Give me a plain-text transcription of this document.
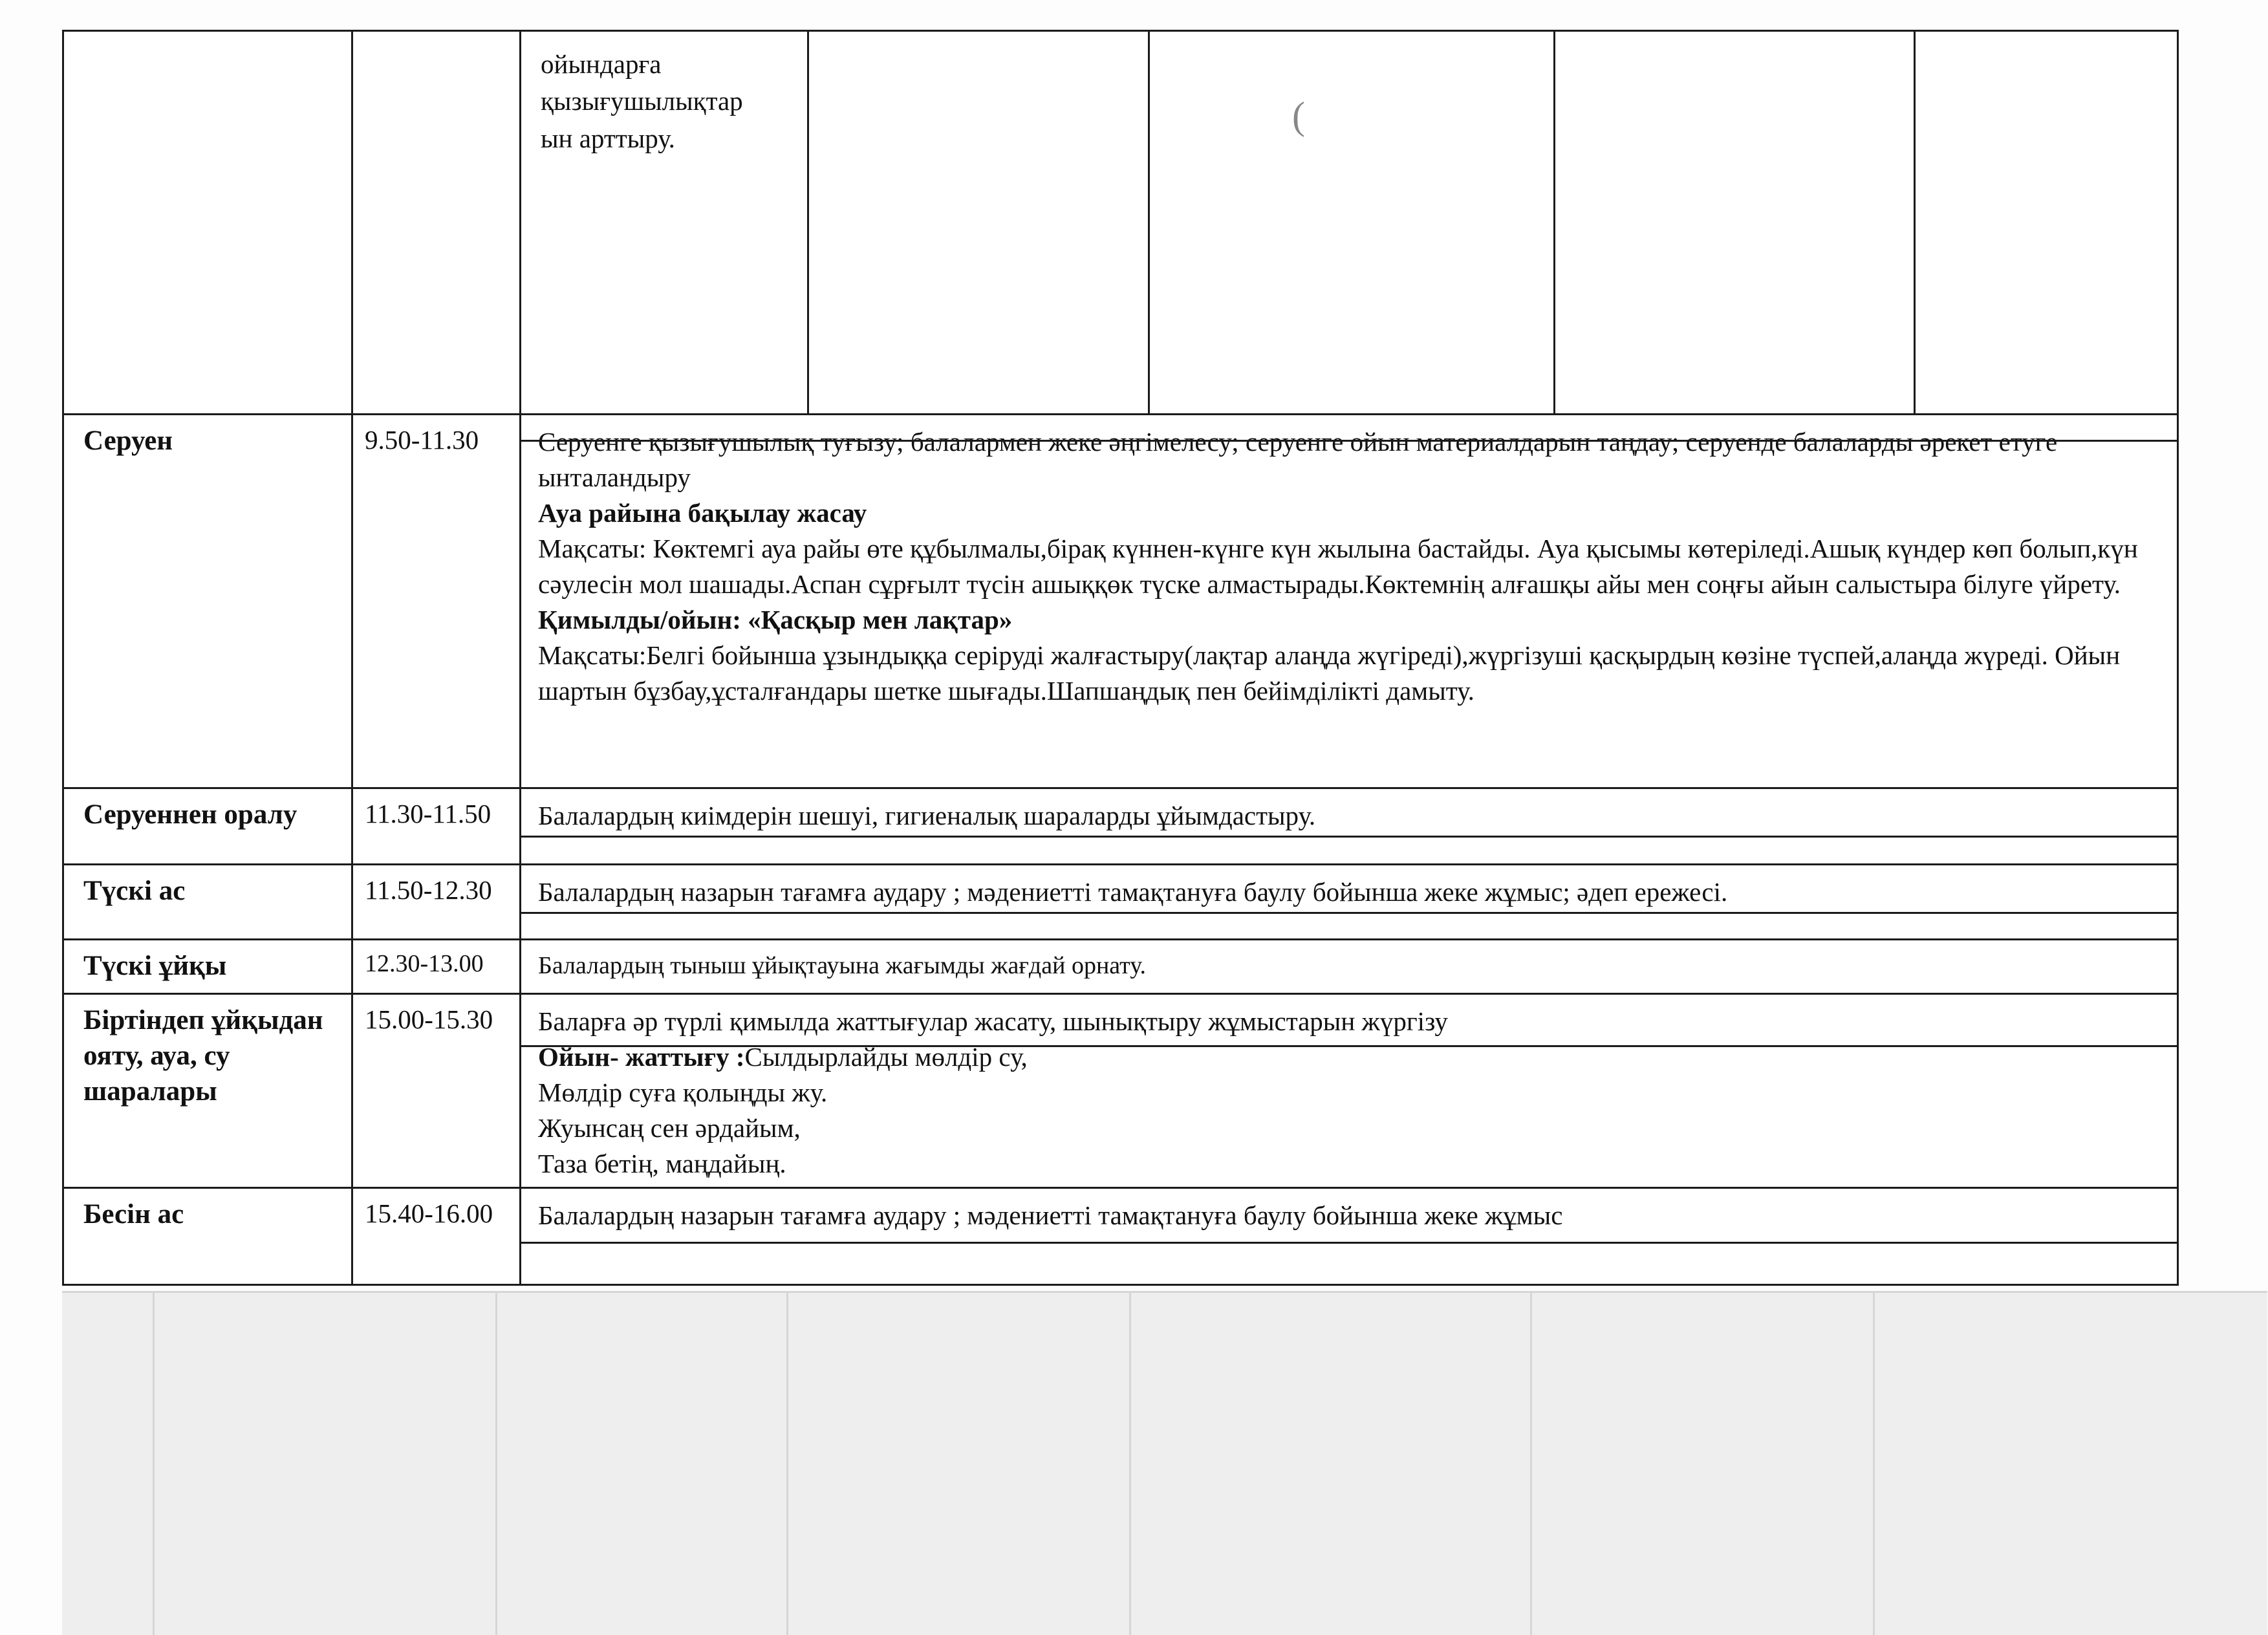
		ойындарға
қызығушылықтар
ын арттыру.		(		

Серуен	9.50-11.30	Серуенге қызығушылық туғызу; балалармен жеке әңгімелесу; серуенге ойын материалдарын таңдау; серуенде балаларды әрекет етуге ынталандыру
Ауа райына бақылау жасау
Мақсаты: Көктемгі ауа райы өте құбылмалы,бірақ күннен-күнге күн жылына бастайды. Ауа қысымы көтеріледі.Ашық күндер көп болып,күн сәулесін мол шашады.Аспан сұрғылт түсін ашыққөк түске алмастырады.Көктемнің алғашқы айы мен соңғы айын салыстыра білуге үйрету.
Қимылды/ойын: «Қасқыр мен лақтар»
Мақсаты:Белгі бойынша ұзындыққа серіруді жалғастыру(лақтар алаңда жүгіреді),жүргізуші қасқырдың көзіне түспей,алаңда жүреді. Ойын шартын бұзбау,ұсталғандары шетке шығады.Шапшаңдық пен бейімділікті дамыту.				

Серуеннен оралу	11.30-11.50	Балалардың киімдерін шешуі, гигиеналық шараларды ұйымдастыру.				

Түскі ас	11.50-12.30	Балалардың назарын тағамға аудару ; мәдениетті тамақтануға баулу бойынша жеке жұмыс; әдеп ережесі.				

Түскі ұйқы	12.30-13.00	Балалардың тыныш ұйықтауына жағымды жағдай орнату.				

Біртіндеп ұйқыдан ояту, ауа, су шаралары	15.00-15.30	Баларға әр түрлі қимылда жаттығулар жасату, шынықтыру жұмыстарын жүргізу
Ойын- жаттығу :Сылдырлайды мөлдір су,
Мөлдір суға қолыңды жу.
Жуынсаң сен әрдайым,
Таза бетің, маңдайың.				

Бесін ас	15.40-16.00	Балалардың назарын тағамға аудару ; мәдениетті тамақтануға баулу бойынша жеке жұмыс				
